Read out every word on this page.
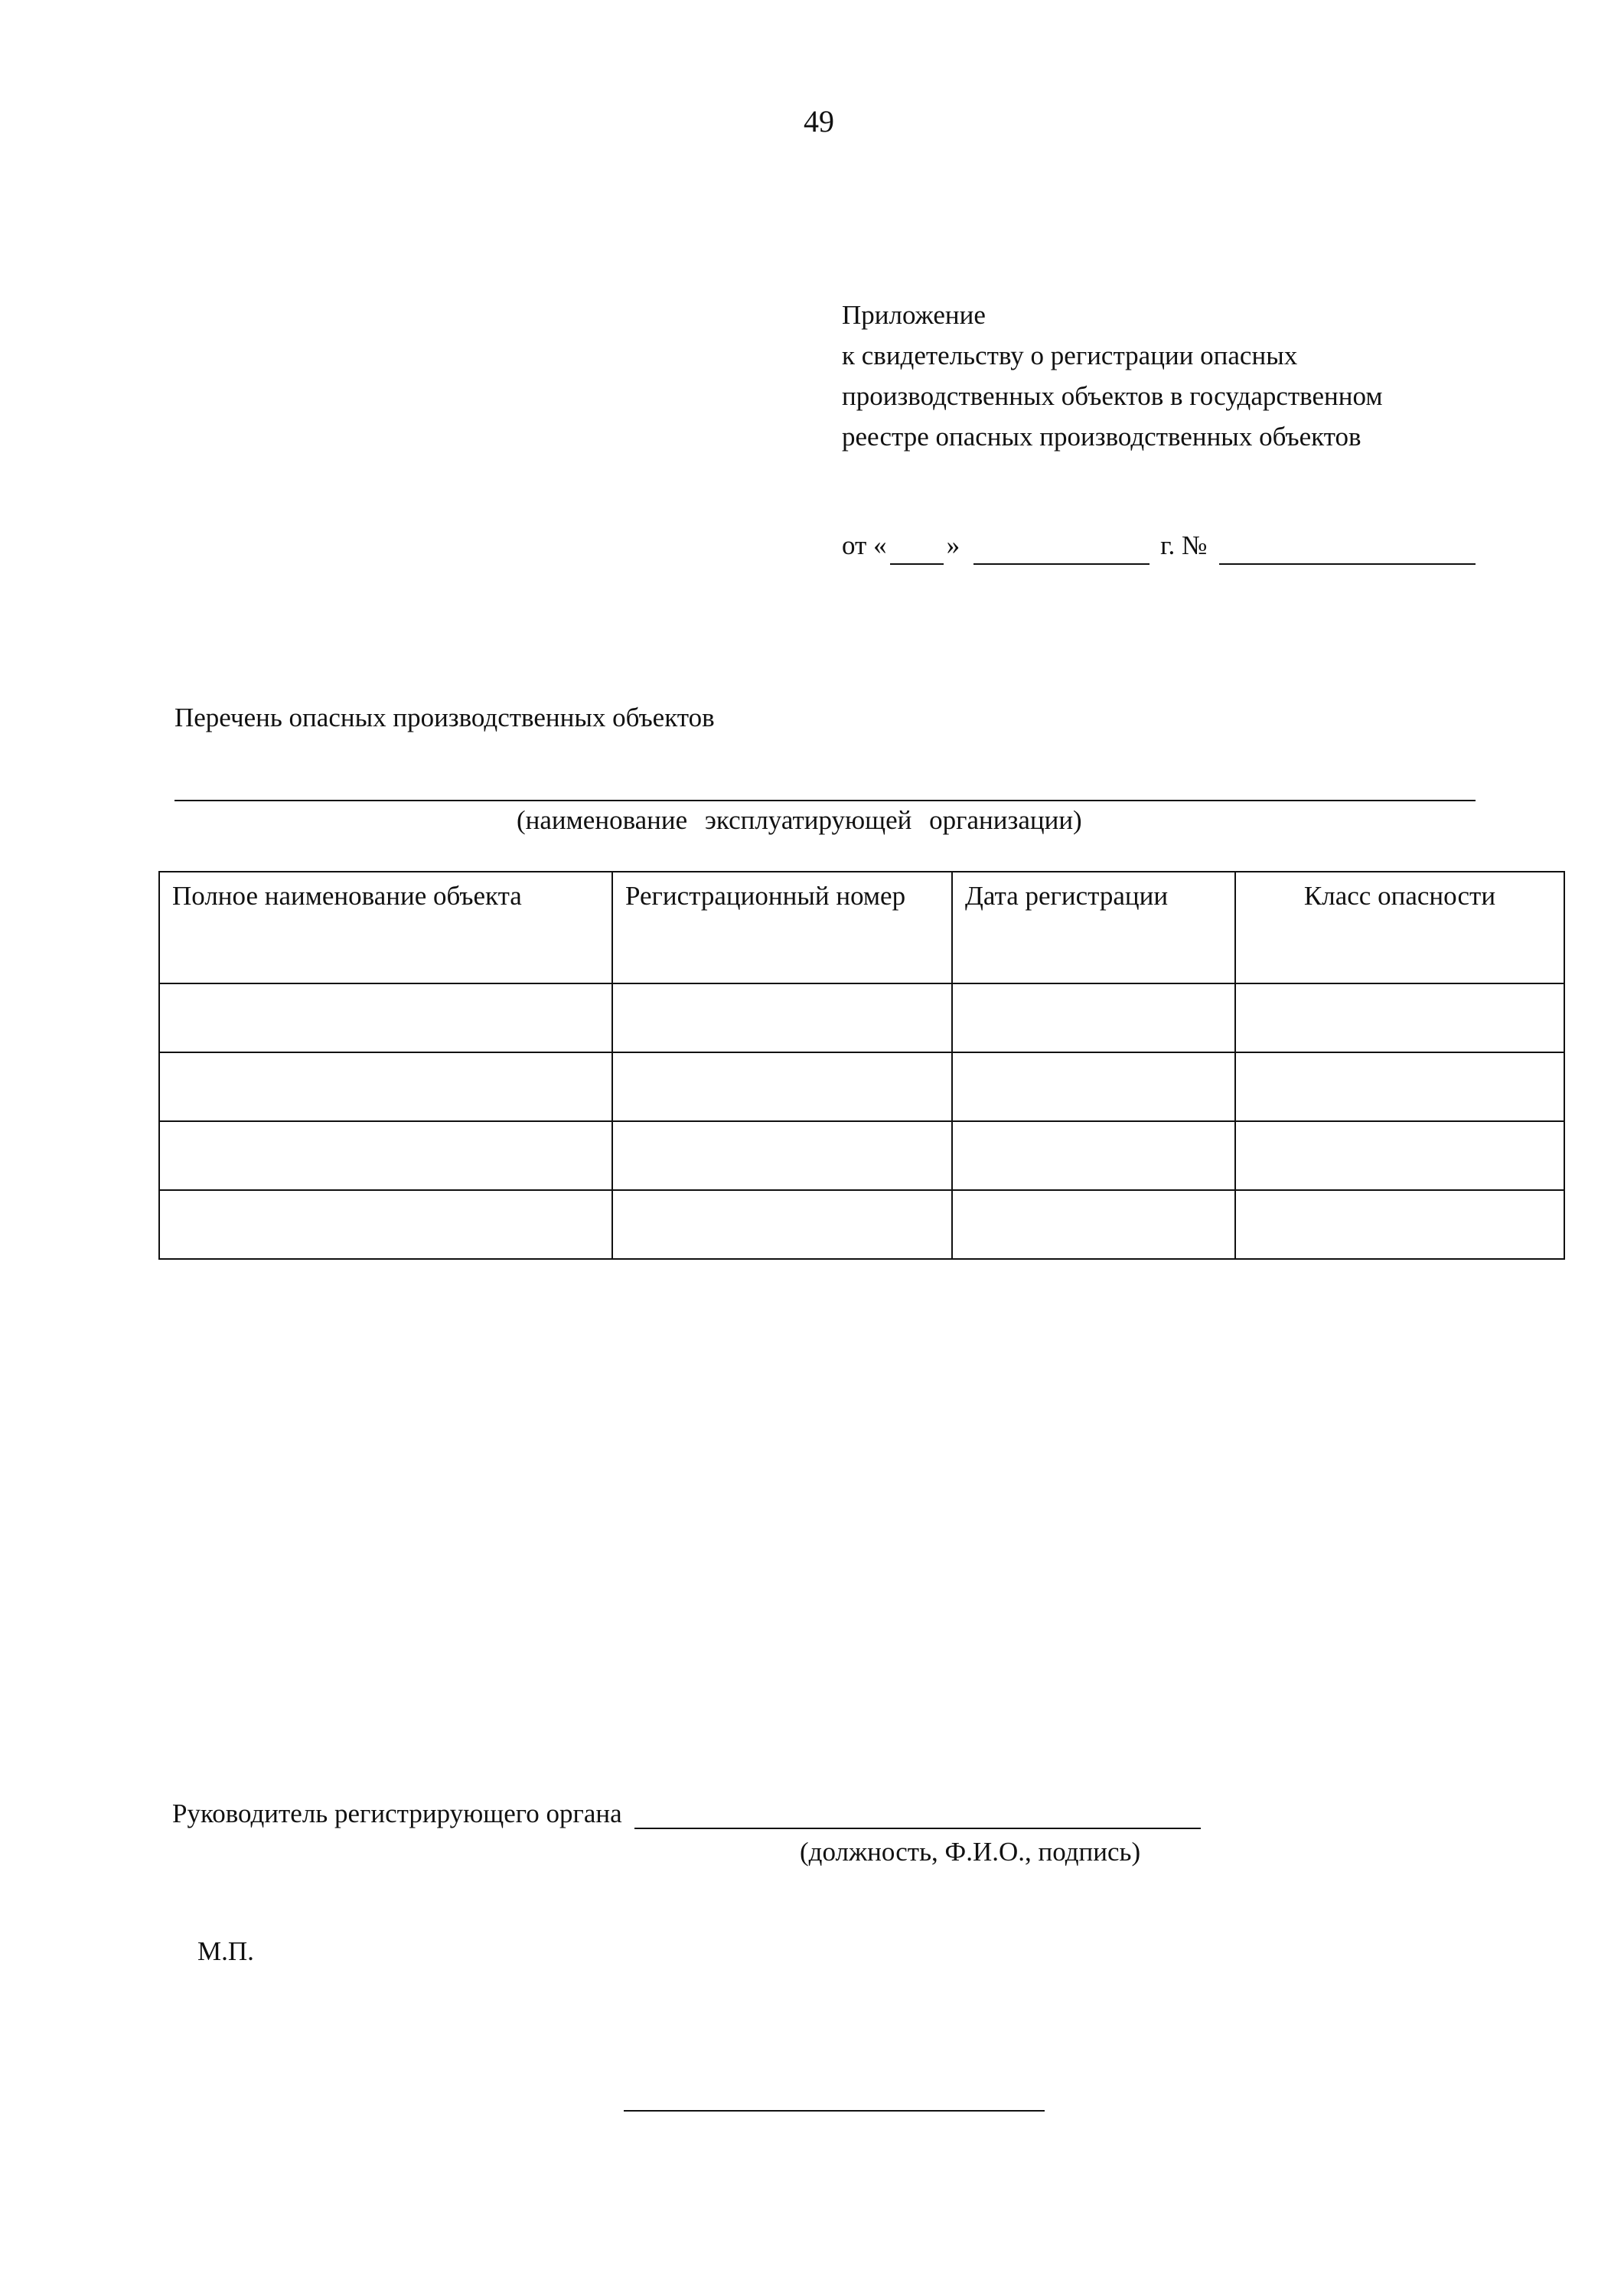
49
Приложение
к свидетельству о регистрации опасных
производственных объектов в государственном
реестре опасных производственных объектов
от « »	г. №
Перечень опасных производственных объектов
(наименование эксплуатирующей организации)
Полное наименование объекта	Регистрационный номер	Дата регистрации	Класс опасности

Руководитель регистрирующего органа
(должность, Ф.И.О., подпись)
М.П.
